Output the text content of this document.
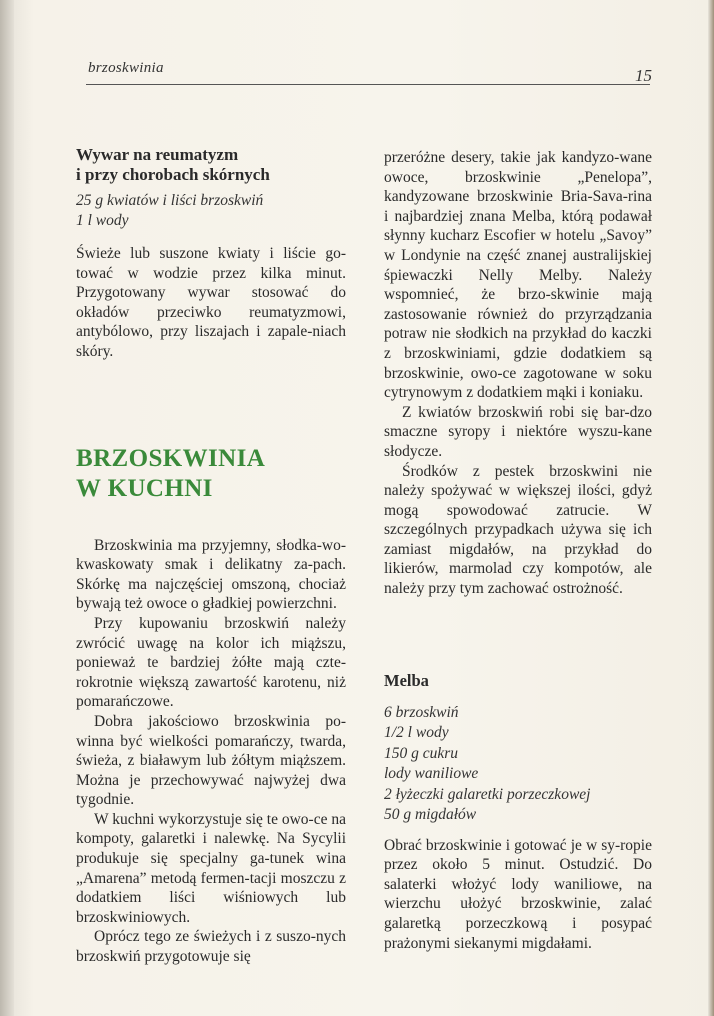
brzoskwinia	15
Wywar na reumatyzm
i przy chorobach skórnych
25 g kwiatów i liści brzoskwiń
1 l wody

Świeże lub suszone kwiaty i liście go-tować w wodzie przez kilka minut. Przygotowany wywar stosować do okładów przeciwko reumatyzmowi, antybólowo, przy liszajach i zapale-niach skóry.

BRZOSKWINIA
W KUCHNI

Brzoskwinia ma przyjemny, słodka-wo-kwaskowaty smak i delikatny za-pach. Skórkę ma najczęściej omszoną, chociaż bywają też owoce o gładkiej powierzchni.

Przy kupowaniu brzoskwiń należy zwrócić uwagę na kolor ich miąższu, ponieważ te bardziej żółte mają czte-rokrotnie większą zawartość karotenu, niż pomarańczowe.

Dobra jakościowo brzoskwinia po-winna być wielkości pomarańczy, twarda, świeża, z białawym lub żółtym miąższem. Można je przechowywać najwyżej dwa tygodnie.

W kuchni wykorzystuje się te owo-ce na kompoty, galaretki i nalewkę. Na Sycylii produkuje się specjalny ga-tunek wina „Amarena” metodą fermen-tacji moszczu z dodatkiem liści wiśniowych lub brzoskwiniowych.

Oprócz tego ze świeżych i z suszo-nych brzoskwiń przygotowuje się

przeróżne desery, takie jak kandyzo-wane owoce, brzoskwinie „Penelopa”, kandyzowane brzoskwinie Bria-Sava-rina i najbardziej znana Melba, którą podawał słynny kucharz Escofier w hotelu „Savoy” w Londynie na część znanej australijskiej śpiewaczki Nelly Melby. Należy wspomnieć, że brzo-skwinie mają zastosowanie również do przyrządzania potraw nie słodkich na przykład do kaczki z brzoskwiniami, gdzie dodatkiem są brzoskwinie, owo-ce zagotowane w soku cytrynowym z dodatkiem mąki i koniaku.

Z kwiatów brzoskwiń robi się bar-dzo smaczne syropy i niektóre wyszu-kane słodycze.

Środków z pestek brzoskwini nie należy spożywać w większej ilości, gdyż mogą spowodować zatrucie. W szczególnych przypadkach używa się ich zamiast migdałów, na przykład do likierów, marmolad czy kompotów, ale należy przy tym zachować ostrożność.

Melba
6 brzoskwiń
1/2 l wody
150 g cukru
lody waniliowe
2 łyżeczki galaretki porzeczkowej
50 g migdałów

Obrać brzoskwinie i gotować je w sy-ropie przez około 5 minut. Ostudzić. Do salaterki włożyć lody waniliowe, na wierzchu ułożyć brzoskwinie, zalać galaretką porzeczkową i posypać prażonymi siekanymi migdałami.
